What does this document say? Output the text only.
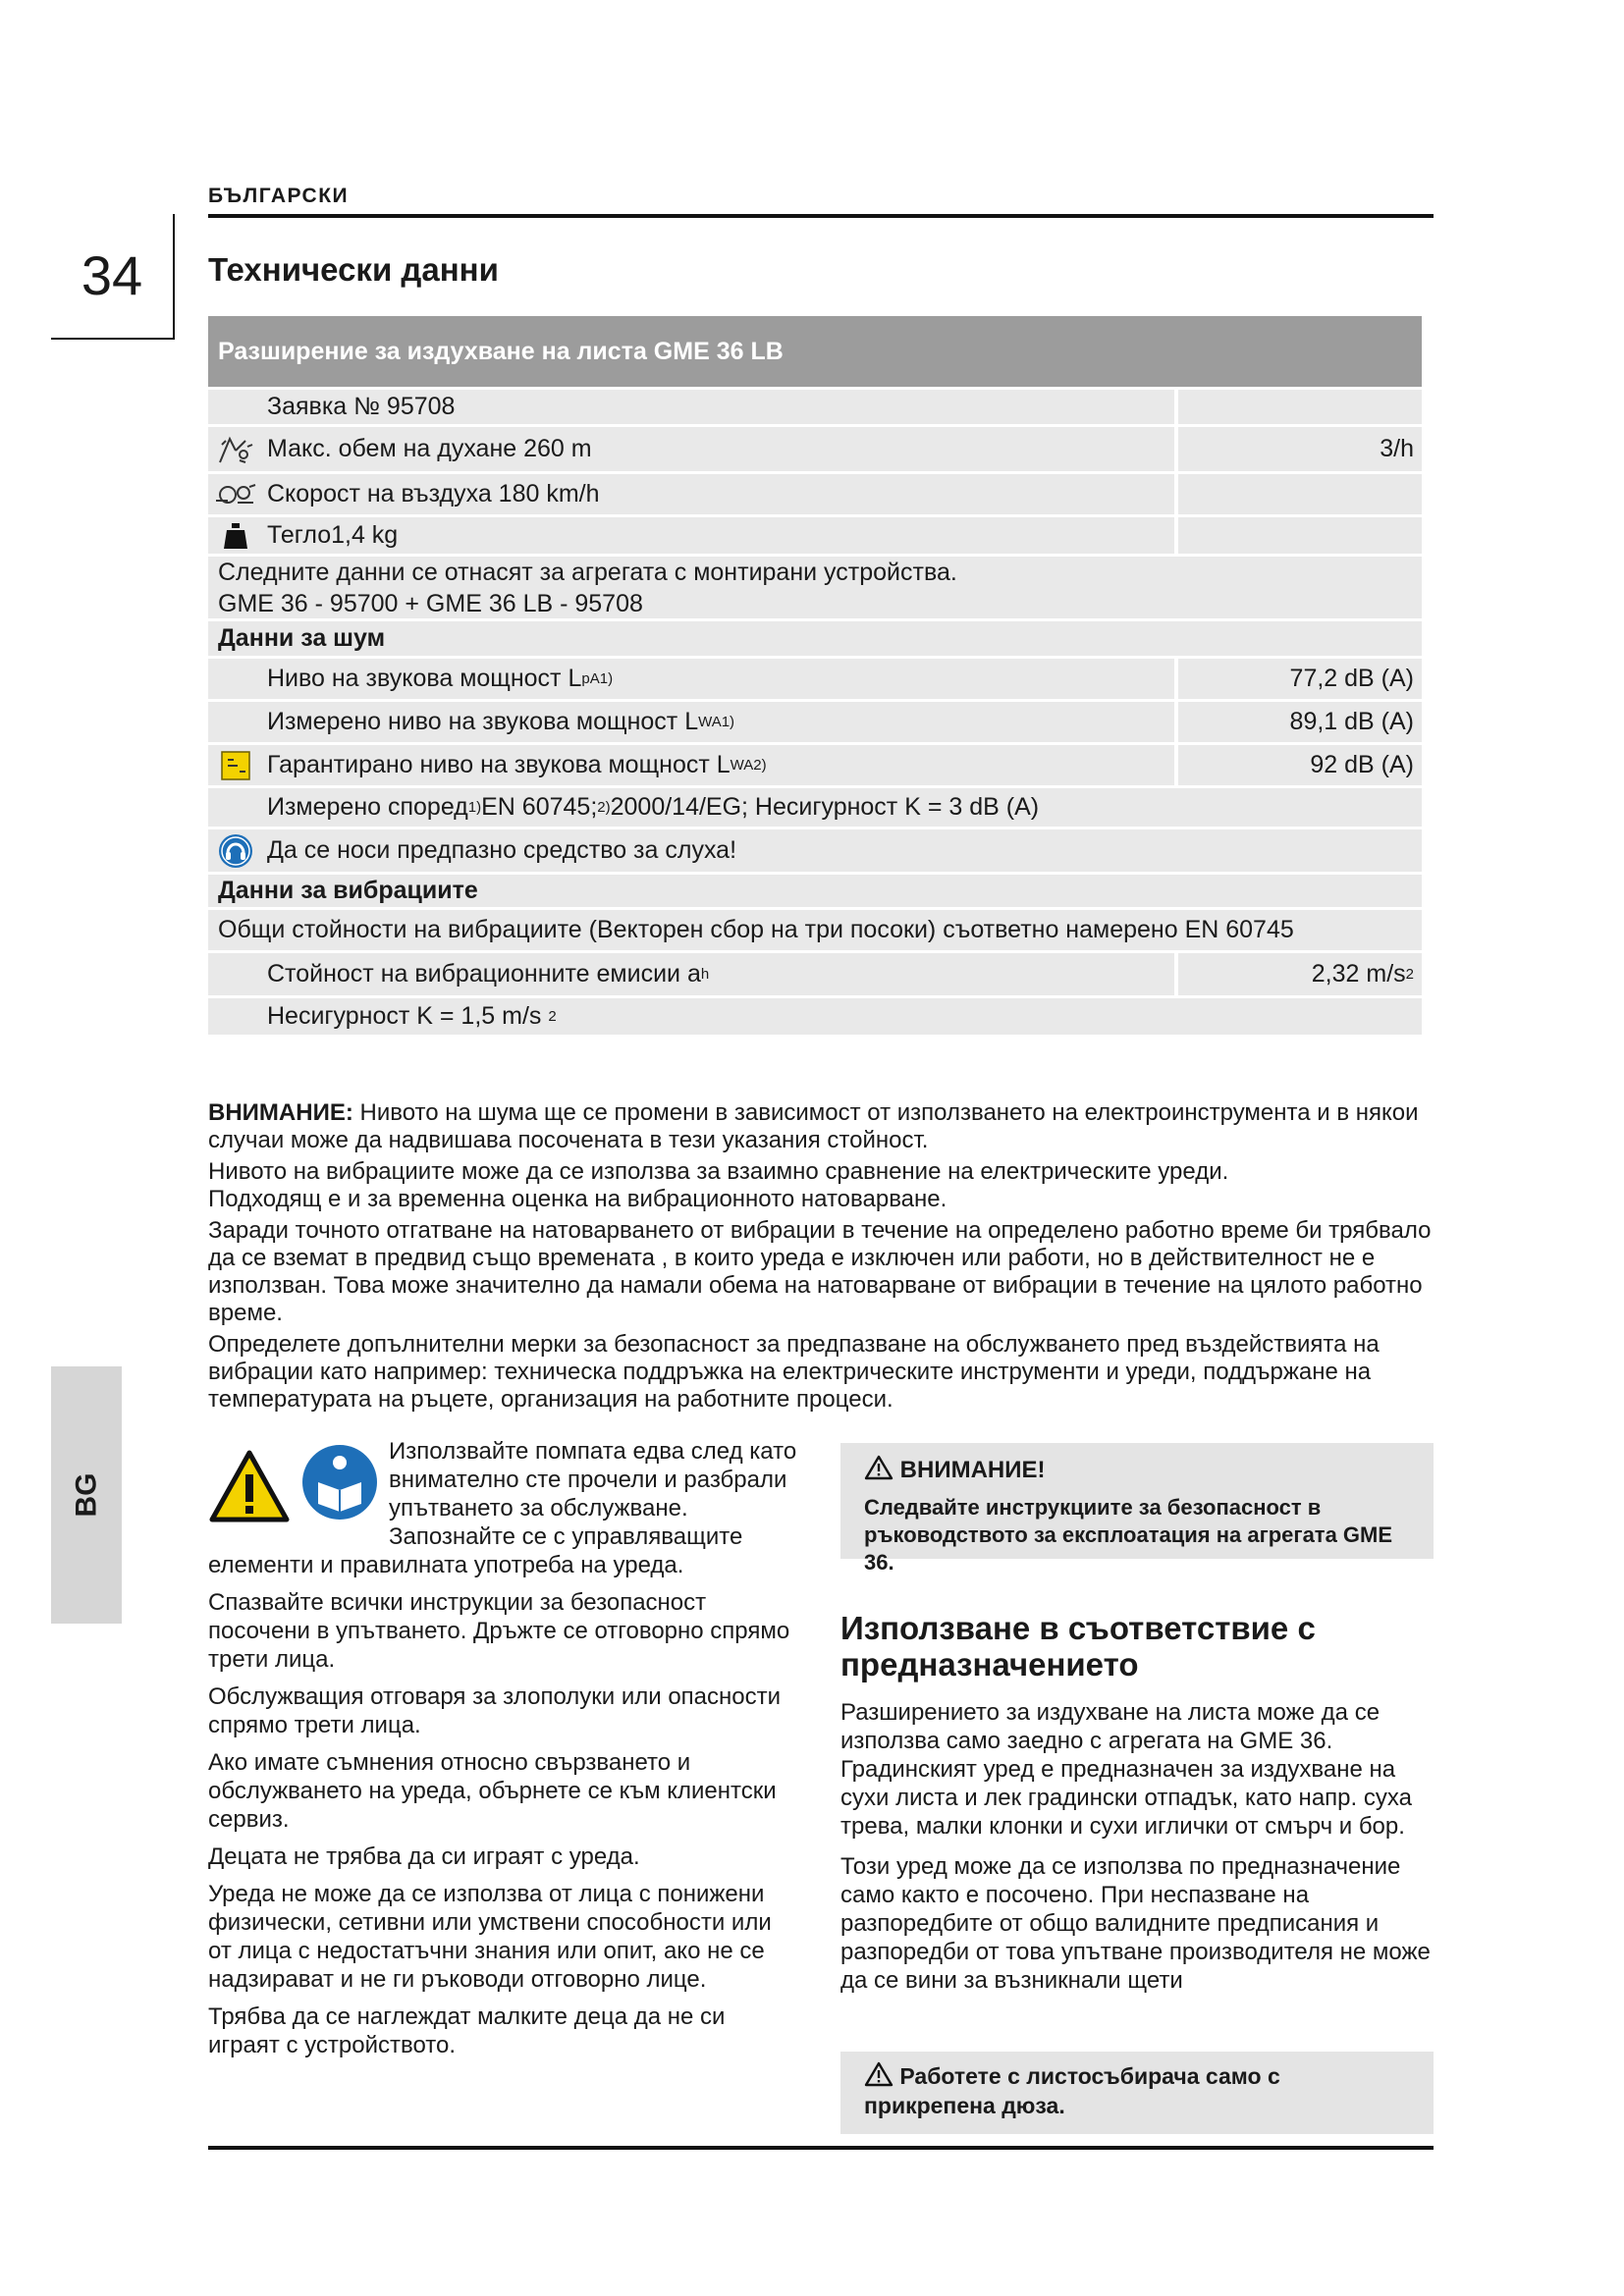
БЪЛГАРСКИ
34
BG
Технически данни
Разширение за издухване на листа GME 36 LB
Заявка № 95708
Макс. обем на духане 260 m	3/h
Скорост на въздуха 180 km/h
Тегло1,4 kg
Следните данни се отнасят за агрегата с монтирани устройства.
GME 36 - 95700 + GME 36 LB - 95708
Данни за шум
Ниво на звукова мощност L pA 1)	77,2 dB (A)
Измерено ниво на звукова мощност L WA 1)	89,1 dB (A)
Гарантирано ниво на звукова мощност L WA 2)	92 dB (A)
Измерено според 1) EN 60745; 2) 2000/14/EG; Несигурност K = 3 dB (A)
Да се носи предпазно средство за слуха!
Данни за вибрациите
Общи стойности на вибрациите (Векторен сбор на три посоки) съответно намерено EN 60745
Стойност на вибрационните емисии a h	2,32 m/s 2
Несигурност K = 1,5 m/s
2

ВНИМАНИЕ: Нивото на шума ще се промени в зависимост от използването на електроинструмента и в някои случаи може да надвишава посочената в тези указания стойност.

Нивото на вибрациите може да се използва за взаимно сравнение на електрическите уреди.

Подходящ е и за временна оценка на вибрационното натоварване.

Заради точното отгатване на натоварването от вибрации в течение на определено работно време би трябвало да се вземат в предвид също времената , в които уреда е изключен или работи, но в действителност не е използван. Това може значително да намали обема на натоварване от вибрации в течение на цялото работно време.

Определете допълнителни мерки за безопасност за предпазване на обслужването пред въздействията на вибрации като например: техническа поддръжка на електрическите инструменти и уреди, поддържане на температурата на ръцете, организация на работните процеси.

Използвайте помпата едва след като внимателно сте прочели и разбрали упътването за обслужване. Запознайте се с управляващите елементи и правилната употреба на уреда.

Спазвайте всички инструкции за безопасност посочени в упътването. Дръжте се отговорно спрямо трети лица.

Обслужващия отговаря за злополуки или опасности спрямо трети лица.

Ако имате съмнения относно свързването и обслужването на уреда, обърнете се към клиентски сервиз.

Децата не трябва да си играят с уреда.

Уреда не може да се използва от лица с понижени физически, сетивни или умствени способности или от лица с недостатъчни знания или опит, ако не се надзирават и не ги ръководи отговорно лице.

Трябва да се наглеждат малките деца да не си играят с устройството.

ВНИМАНИЕ!
Следвайте инструкциите за безопасност в ръководството за експлоатация на агрегата GME 36.
Използване в съответствие с предназначението

Разширението за издухване на листа може да се използва само заедно с агрегата на GME 36. Градинският уред е предназначен за издухване на сухи листа и лек градински отпадък, като напр. суха трева, малки клонки и сухи иглички от смърч и бор.

Този уред може да се използва по предназначение само както е посочено. При неспазване на разпоредбите от общо валидните предписания и разпоредби от това упътване производителя не може да се вини за възникнали щети

Работете с листосъбирача само с прикрепена дюза.
